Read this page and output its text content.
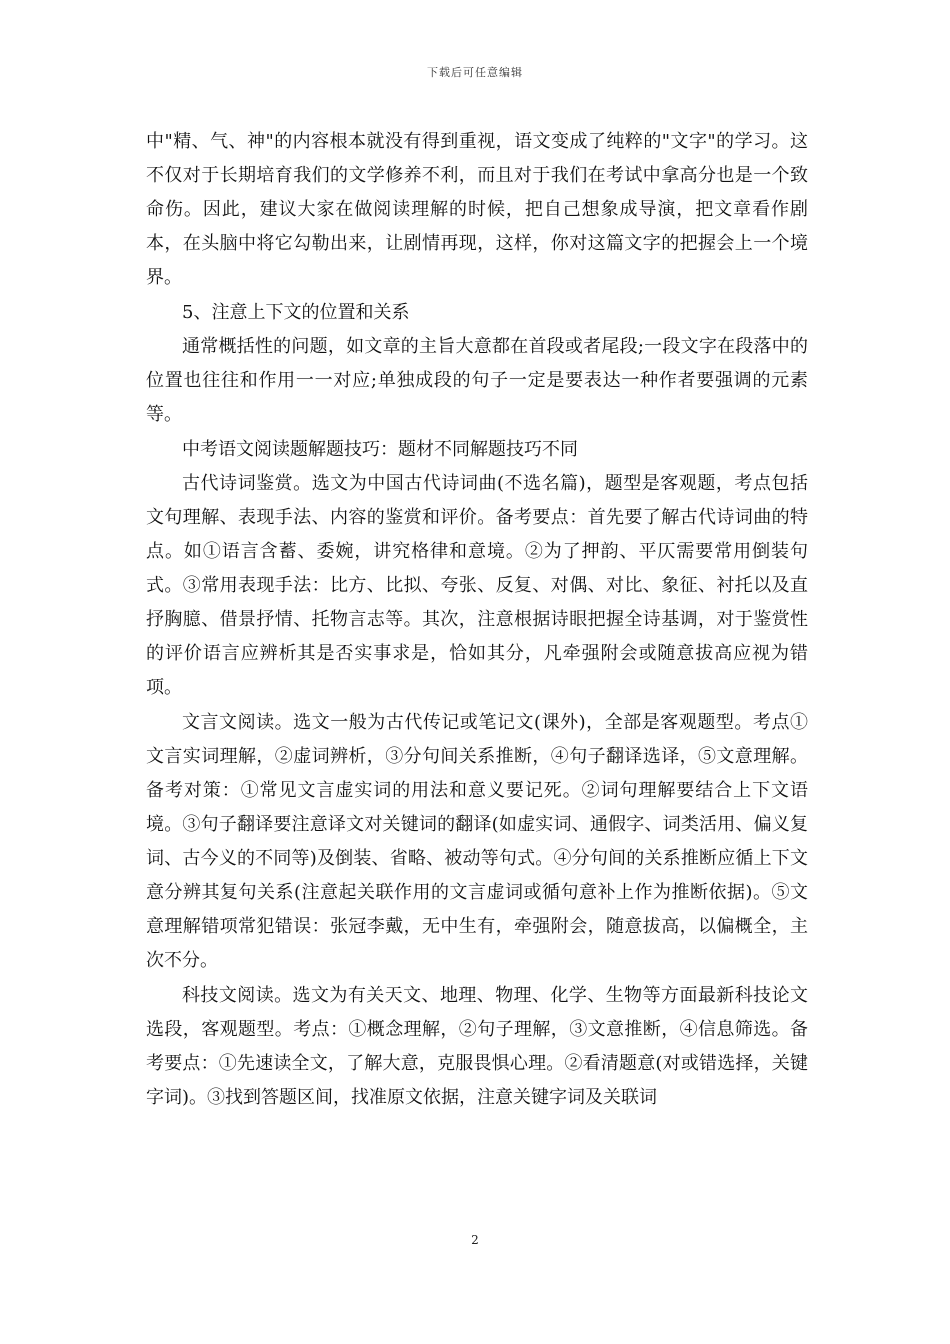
下载后可任意编辑

中"精、气、神"的内容根本就没有得到重视，语文变成了纯粹的"文字"的学习。这不仅对于长期培育我们的文学修养不利，而且对于我们在考试中拿高分也是一个致命伤。因此，建议大家在做阅读理解的时候，把自己想象成导演，把文章看作剧本，在头脑中将它勾勒出来，让剧情再现，这样，你对这篇文字的把握会上一个境界。

5、注意上下文的位置和关系

通常概括性的问题，如文章的主旨大意都在首段或者尾段;一段文字在段落中的位置也往往和作用一一对应;单独成段的句子一定是要表达一种作者要强调的元素等。

中考语文阅读题解题技巧：题材不同解题技巧不同

古代诗词鉴赏。选文为中国古代诗词曲(不选名篇)，题型是客观题，考点包括文句理解、表现手法、内容的鉴赏和评价。备考要点：首先要了解古代诗词曲的特点。如①语言含蓄、委婉，讲究格律和意境。②为了押韵、平仄需要常用倒装句式。③常用表现手法：比方、比拟、夸张、反复、对偶、对比、象征、衬托以及直抒胸臆、借景抒情、托物言志等。其次，注意根据诗眼把握全诗基调，对于鉴赏性的评价语言应辨析其是否实事求是，恰如其分，凡牵强附会或随意拔高应视为错项。

文言文阅读。选文一般为古代传记或笔记文(课外)，全部是客观题型。考点①文言实词理解，②虚词辨析，③分句间关系推断，④句子翻译选译，⑤文意理解。备考对策：①常见文言虚实词的用法和意义要记死。②词句理解要结合上下文语境。③句子翻译要注意译文对关键词的翻译(如虚实词、通假字、词类活用、偏义复词、古今义的不同等)及倒装、省略、被动等句式。④分句间的关系推断应循上下文意分辨其复句关系(注意起关联作用的文言虚词或循句意补上作为推断依据)。⑤文意理解错项常犯错误：张冠李戴，无中生有，牵强附会，随意拔高，以偏概全，主次不分。

科技文阅读。选文为有关天文、地理、物理、化学、生物等方面最新科技论文选段，客观题型。考点：①概念理解，②句子理解，③文意推断，④信息筛选。备考要点：①先速读全文，了解大意，克服畏惧心理。②看清题意(对或错选择，关键字词)。③找到答题区间，找准原文依据，注意关键字词及关联词

2
